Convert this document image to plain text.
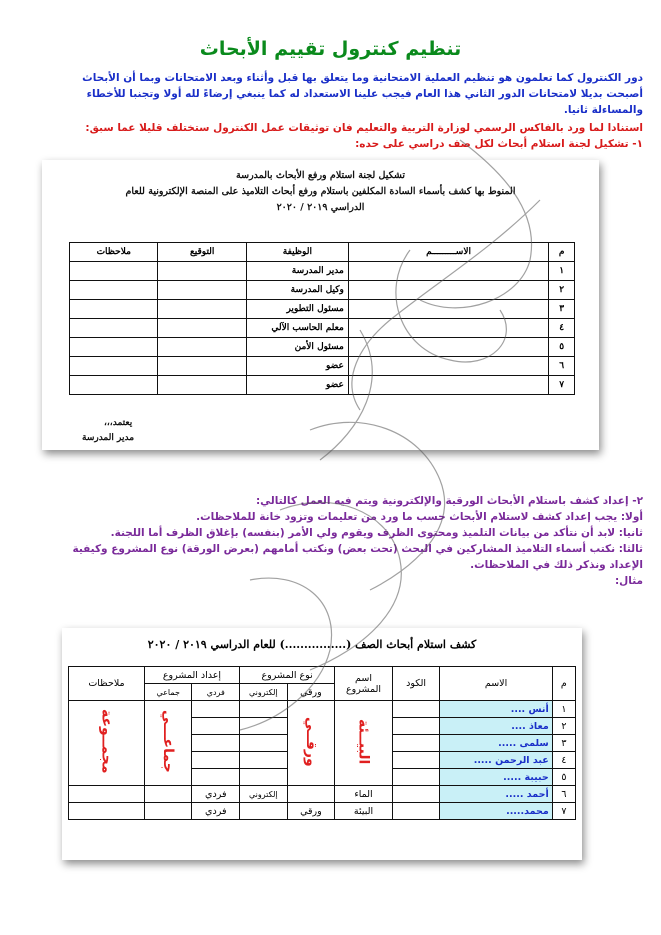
تنظيم كنترول تقييم الأبحاث
دور الكنترول كما تعلمون هو تنظيم العملية الامتحانية وما يتعلق بها قبل وأثناء وبعد الامتحانات وبما أن الأبحاث
أصبحت بديلا لامتحانات الدور الثاني هذا العام فيجب علينا الاستعداد له كما ينبغي إرضاءً لله أولا وتجنبا للأخطاء
والمساءلة ثانيا.
استنادا لما ورد بالفاكس الرسمي لوزارة التربية والتعليم فان توثيقات عمل الكنترول ستختلف قليلا عما سبق:
١- تشكيل لجنة استلام أبحاث لكل صف دراسي على حده:
تشكيل لجنة استلام ورفع الأبحاث بالمدرسة
المنوط بها كشف بأسماء السادة المكلفين باستلام ورفع أبحاث التلاميذ على المنصة الإلكترونية للعام
الدراسي ٢٠١٩ / ٢٠٢٠
م	الاســـــــــم	الوظيفة	التوقيع	ملاحظات
١		مدير المدرسة		
٢		وكيل المدرسة		
٣		مسئول التطوير		
٤		معلم الحاسب الآلي		
٥		مسئول الأمن		
٦		عضو		
٧		عضو		
يعتمد،،،
مدير المدرسة
٢- إعداد كشف باستلام الأبحاث الورقية والإلكترونية ويتم فيه العمل كالتالي:
أولا: يجب إعداد كشف لاستلام الأبحاث حسب ما ورد من تعليمات وتزود خانة للملاحظات.
ثانيا: لابد أن نتأكد من بيانات التلميذ ومحتوى الظرف ويقوم ولي الأمر (بنفسه) بإغلاق الظرف أما اللجنة.
ثالثا: نكتب أسماء التلاميذ المشاركين في البحث (تحت بعض) ونكتب أمامهم (بعرض الورقة) نوع المشروع وكيفية
الإعداد ونذكر ذلك في الملاحظات.
مثال:
كشف استلام أبحاث الصف (................) للعام الدراسي ٢٠١٩ / ٢٠٢٠
م	الاسم	الكود	اسم المشروع	نوع المشروع		إعداد المشروع		ملاحظات
				ورقي	إلكتروني	فردي	جماعي	
١	أنس ....		البيــئة	ورقــي			جماعـــي	مجمــوعة
٢	معاذ ....							
٣	سلمى .....							
٤	عبد الرحمن .....							
٥	حبيبة .....							
٦	أحمد .....		الماء		إلكتروني	فردي		
٧	محمد.....		البيئة	ورقي		فردي		
